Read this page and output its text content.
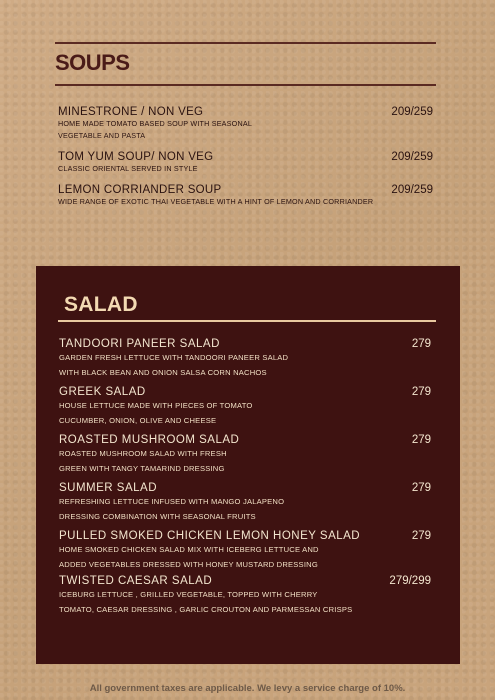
SOUPS
MINESTRONE / NON VEG	209/259
HOME MADE TOMATO BASED SOUP WITH SEASONAL
VEGETABLE AND PASTA
TOM YUM SOUP/ NON VEG	209/259
CLASSIC ORIENTAL SERVED IN STYLE
LEMON CORRIANDER SOUP	209/259
WIDE RANGE OF EXOTIC THAI VEGETABLE WITH A HINT OF LEMON AND CORRIANDER
SALAD
TANDOORI PANEER SALAD	279
GARDEN FRESH LETTUCE WITH TANDOORI PANEER SALAD
WITH BLACK BEAN AND ONION SALSA CORN NACHOS
GREEK SALAD	279
HOUSE LETTUCE MADE WITH PIECES OF TOMATO
CUCUMBER, ONION, OLIVE AND CHEESE
ROASTED MUSHROOM SALAD	279
ROASTED MUSHROOM SALAD WITH FRESH
GREEN WITH TANGY TAMARIND DRESSING
SUMMER SALAD	279
REFRESHING LETTUCE INFUSED WITH MANGO JALAPENO
DRESSING COMBINATION WITH SEASONAL FRUITS
PULLED SMOKED CHICKEN LEMON HONEY SALAD	279
HOME SMOKED CHICKEN SALAD MIX WITH ICEBERG LETTUCE AND
ADDED VEGETABLES DRESSED WITH HONEY MUSTARD DRESSING
TWISTED CAESAR SALAD	279/299
ICEBURG LETTUCE , GRILLED VEGETABLE, TOPPED WITH CHERRY
TOMATO, CAESAR DRESSING , GARLIC CROUTON AND PARMESSAN CRISPS
All government taxes are applicable. We levy a service charge of 10%.
